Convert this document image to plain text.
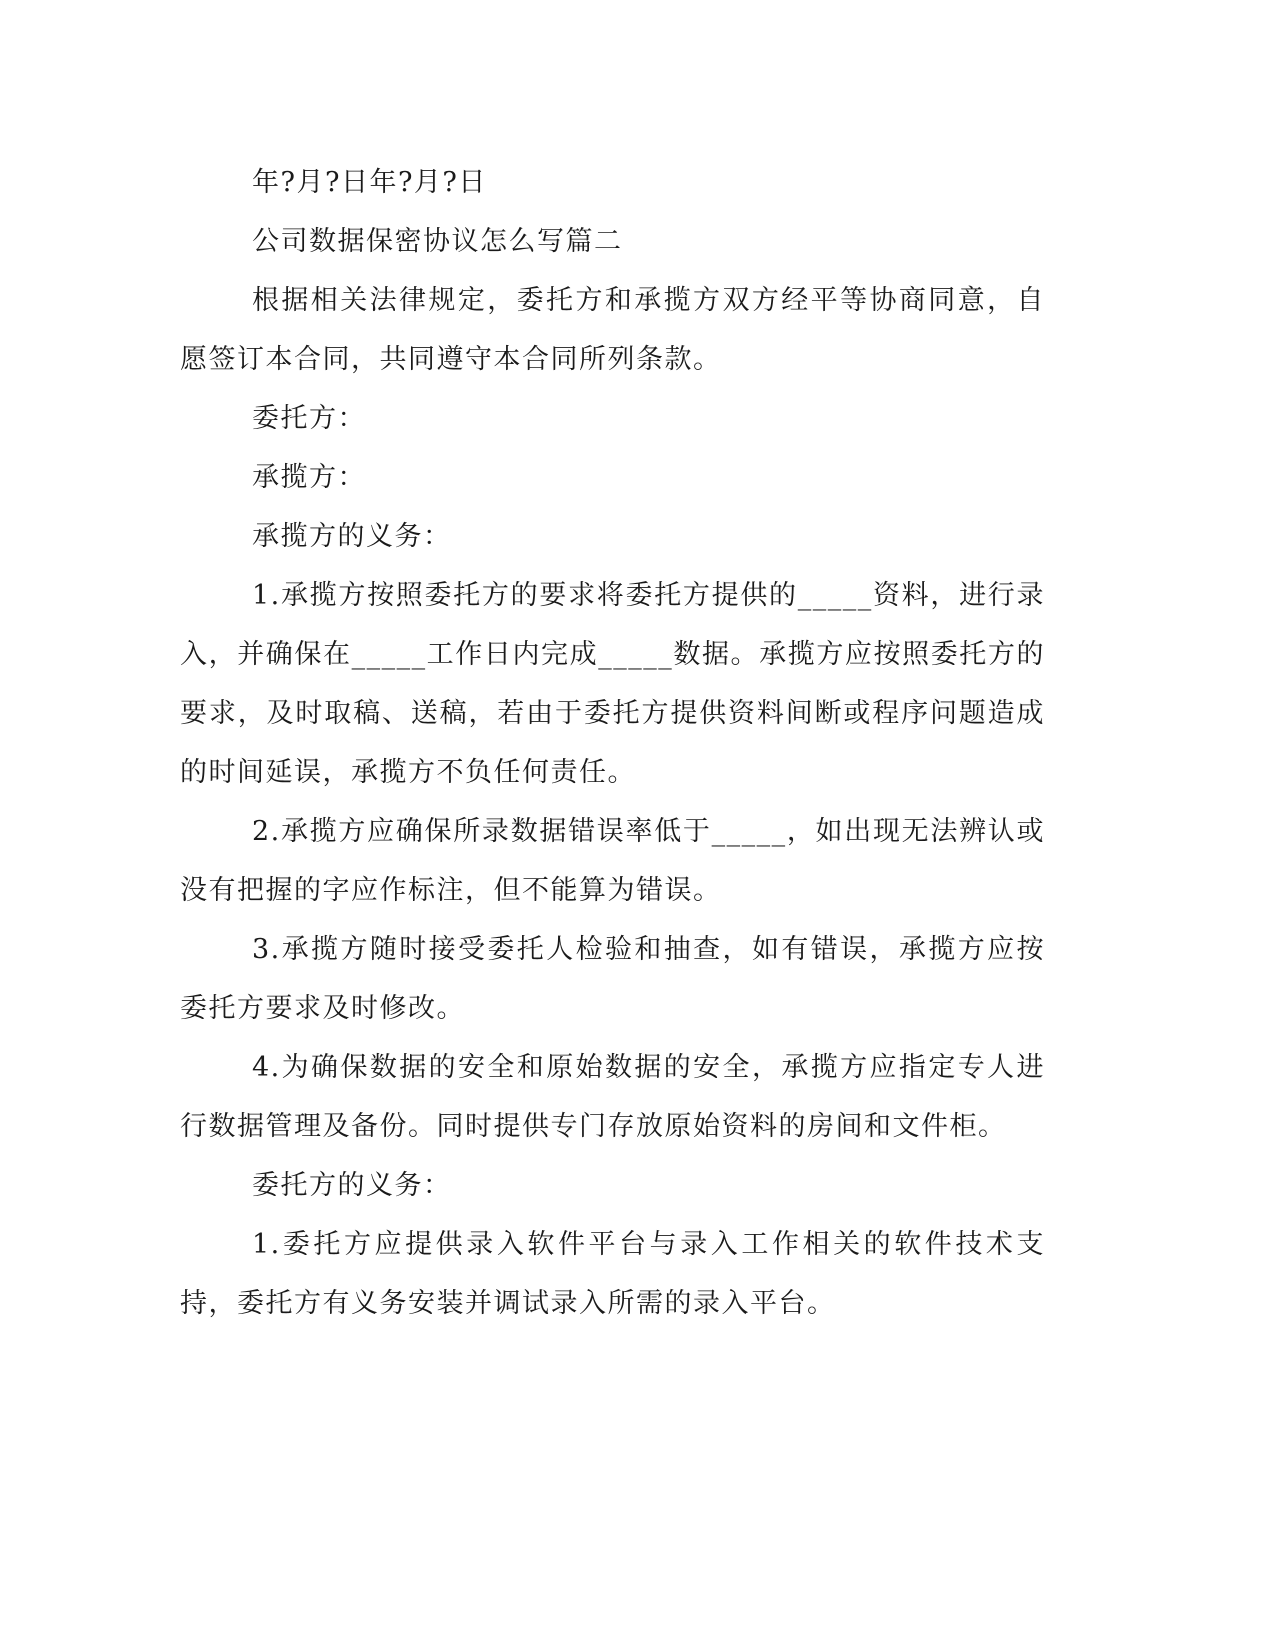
年?月?日年?月?日

公司数据保密协议怎么写篇二

根据相关法律规定，委托方和承揽方双方经平等协商同意，自愿签订本合同，共同遵守本合同所列条款。

委托方：

承揽方：

承揽方的义务：

1.承揽方按照委托方的要求将委托方提供的_____资料，进行录入，并确保在_____工作日内完成_____数据。承揽方应按照委托方的要求，及时取稿、送稿，若由于委托方提供资料间断或程序问题造成的时间延误，承揽方不负任何责任。

2.承揽方应确保所录数据错误率低于_____，如出现无法辨认或没有把握的字应作标注，但不能算为错误。

3.承揽方随时接受委托人检验和抽查，如有错误，承揽方应按委托方要求及时修改。

4.为确保数据的安全和原始数据的安全，承揽方应指定专人进行数据管理及备份。同时提供专门存放原始资料的房间和文件柜。

委托方的义务：

1.委托方应提供录入软件平台与录入工作相关的软件技术支持，委托方有义务安装并调试录入所需的录入平台。
